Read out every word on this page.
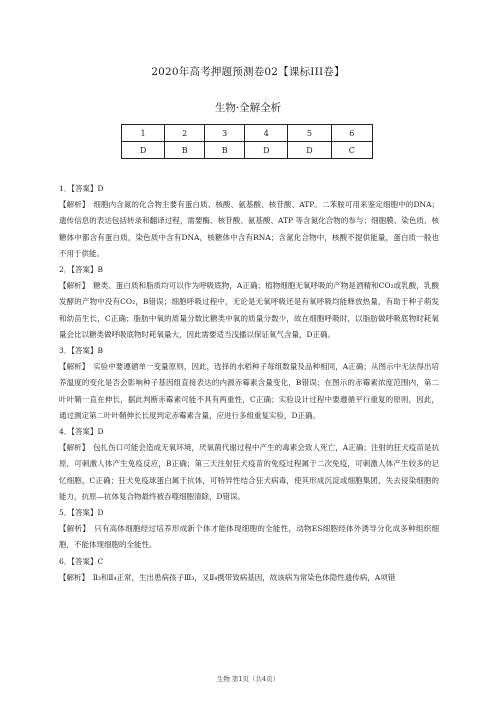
2020年高考押题预测卷02【课标III卷】
生物·全解全析
1	2	3	4	5	6
D	B	B	D	D	C

1．【答案】D

【解析】　细胞内含氮的化合物主要有蛋白质、核酸、氨基酸、核苷酸、ATP。二苯胺可用来鉴定细胞中的DNA；遗传信息的表达包括转录和翻译过程，需要酶、核苷酸、氨基酸、ATP 等含氮化合物的参与；细胞膜、染色质、核糖体中都含有蛋白质，染色质中含有DNA，核糖体中含有RNA；含氮化合物中，核酸不提供能量，蛋白质一般也不用于供能。

2．【答案】B

【解析】　糖类、蛋白质和脂质均可以作为呼吸底物，A正确；植物细胞无氧呼吸的产物是酒精和CO₂或乳酸，乳酸发酵的产物中没有CO₂，B错误；细胞呼吸过程中，无论是无氧呼吸还是有氧呼吸均能释放热量，有助于种子萌发和幼苗生长，C正确；脂肪中氧的质量分数比糖类中氧的质量分数少，故在细胞呼吸时，以脂肪做呼吸底物时耗氧量会比以糖类做呼吸底物时耗氧量大，因此需要适当浅播以保证氧气含量，D正确。

3．【答案】B

【解析】　实验中要遵循单一变量原则，因此，选择的水稻种子每组数量及品种相同，A正确；从图示中无法得出培养温度的变化是否会影响种子基因组直接表达的内源赤霉素含量变化，B错误；在图示的赤霉素浓度范围内，第二叶叶鞘一直在伸长，据此判断赤霉素可能不具有两重性，C正确；实验设计过程中要遵循平行重复的原则，因此，通过测定第二叶叶鞘伸长长度判定赤霉素含量，应进行多组重复实验，D正确。

4．【答案】D

【解析】　包扎伤口可能会造成无氧环境，厌氧菌代谢过程中产生的毒素会致人死亡，A正确；注射的狂犬疫苗是抗原，可刺激人体产生免疫反应，B正确；第三天注射狂犬疫苗的免疫过程属于二次免疫，可刺激人体产生较多的记忆细胞，C正确；狂犬免疫球蛋白属于抗体，可特异性结合狂犬病毒，使其形成沉淀或细胞集团，失去侵染细胞的能力，抗原—抗体复合物最终被吞噬细胞清除，D错误。

5．【答案】D

【解析】　只有高体细胞经过培养形成新个体才能体现细胞的全能性，动物ES细胞经体外诱导分化成多种组织细胞，不能体现细胞的全能性。

6．【答案】C

【解析】　Ⅱ₃和Ⅱ₄正常，生出患病孩子Ⅲ₃，又Ⅱ₄携带致病基因，故该病为常染色体隐性遗传病，A项错

生物 第1页（共4页）
